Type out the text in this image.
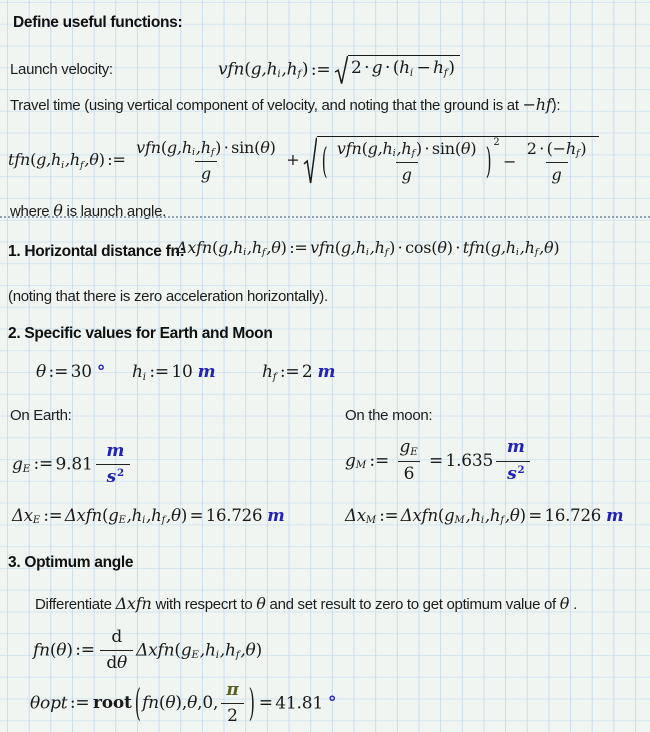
Define useful functions:
Launch velocity:	vfn(g,hi,hf) := 2 · g · (hi − hf)
Travel time (using vertical component of velocity, and noting that the ground is at −hf):
tfn(g,hi,hf,θ) := $\frac{\text{vfn(g,hi,hf) · sin(θ)}}{g}$ + ( $\frac{\text{vfn(g,hi,hf) · sin(θ)}}{g}$ ) 2
− $\frac{2 \cdot (-hf)}{g}$
where θ is launch angle.
1. Horizontal distance fn:
Δxfn(g,hi,hf,θ) := vfn(g,hi,hf) · cos(θ) · tfn(g,hi,hf,θ)
(noting that there is zero acceleration horizontally).
2. Specific values for Earth and Moon
θ := 30 ° hi := 10 m	hf := 2 m
On Earth:	On the moon:
gE := $9.81 \frac{m}{s^2}$	gM := $\frac{gE}{6} = 1.635 \frac{m}{s^2}$
ΔxE := Δxfn(gE,hi,hf,θ) = 16.726 m	ΔxM := Δxfn(gM,hi,hf,θ) = 16.726 m
3. Optimum angle
Differentiate Δxfn with respecrt to θ and set result to zero to get optimum value of θ .
fn(θ) := $\frac{d}{d\theta} \Delta xfn(gE,hi,hf,\theta)$
θopt := root ( fn ( θ ) , θ , 0 , $\frac{\pi}{2}$ ) = 41.81 °
